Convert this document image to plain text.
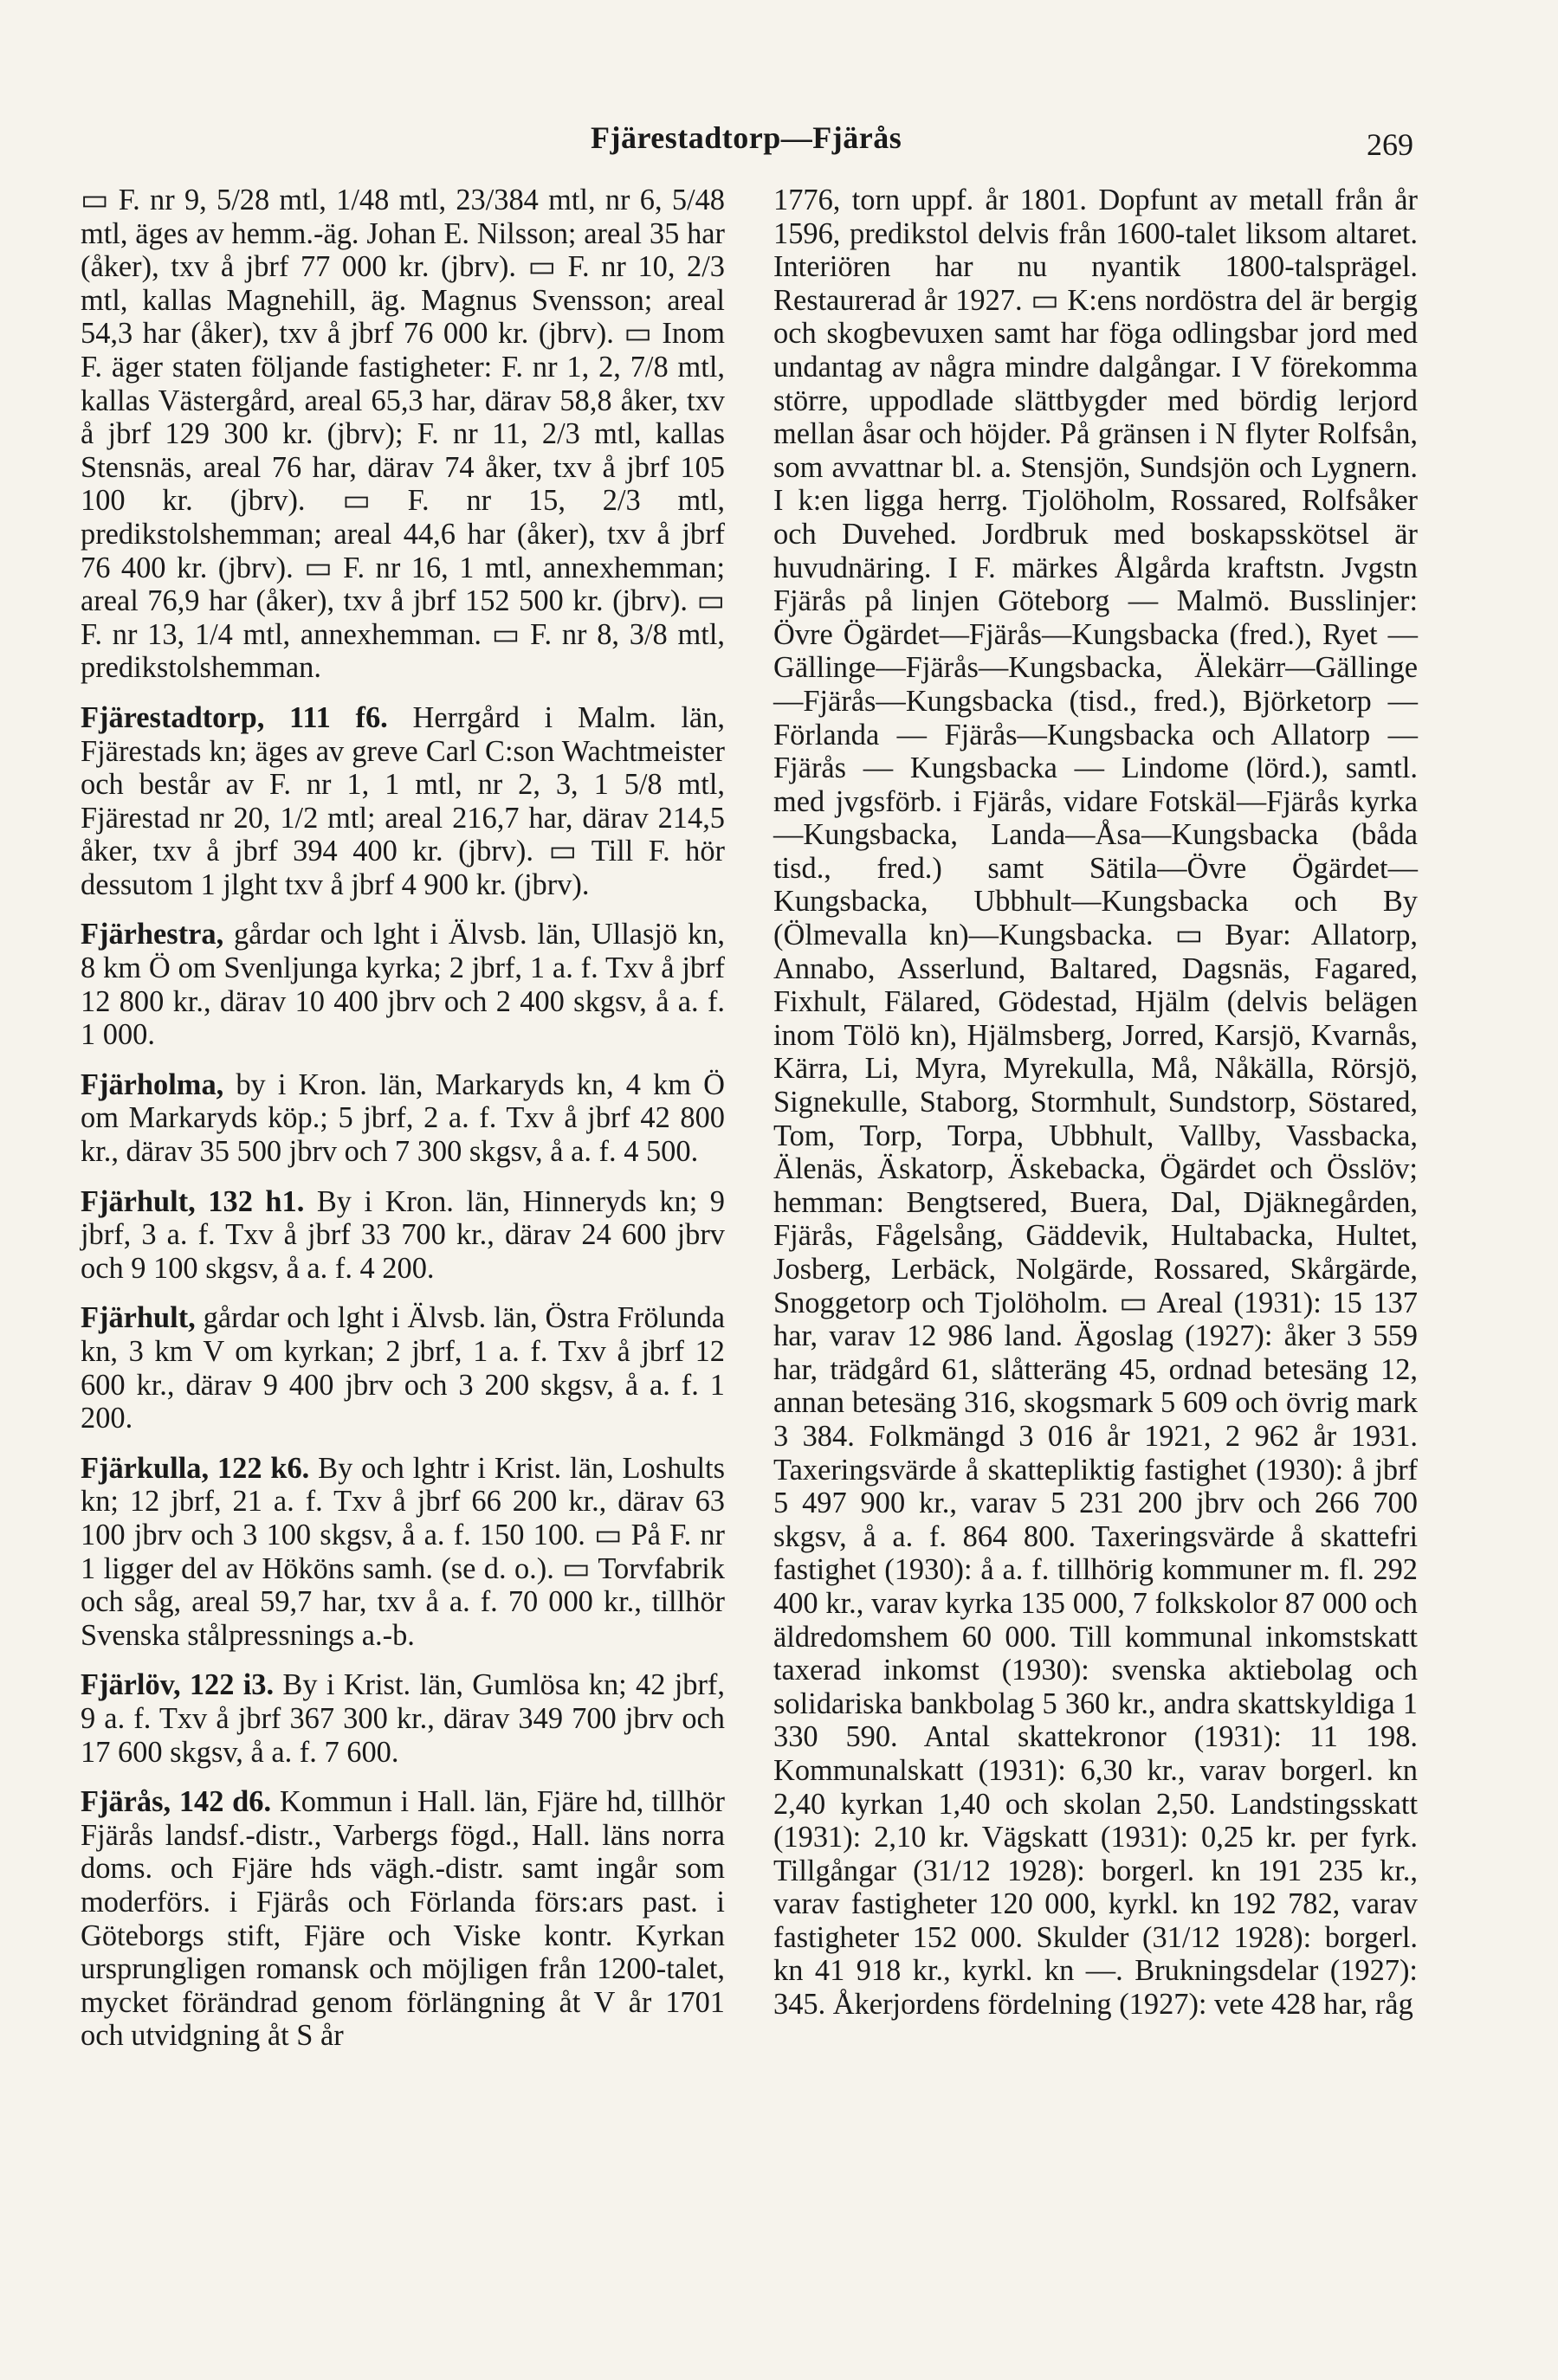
Fjärestadtorp—Fjärås	269

▭ F. nr 9, 5/28 mtl, 1/48 mtl, 23/384 mtl, nr 6, 5/48 mtl, äges av hemm.-äg. Johan E. Nilsson; areal 35 har (åker), txv å jbrf 77 000 kr. (jbrv). ▭ F. nr 10, 2/3 mtl, kallas Magnehill, äg. Magnus Svensson; areal 54,3 har (åker), txv å jbrf 76 000 kr. (jbrv). ▭ Inom F. äger staten följande fastigheter: F. nr 1, 2, 7/8 mtl, kallas Västergård, areal 65,3 har, därav 58,8 åker, txv å jbrf 129 300 kr. (jbrv); F. nr 11, 2/3 mtl, kallas Stensnäs, areal 76 har, därav 74 åker, txv å jbrf 105 100 kr. (jbrv). ▭ F. nr 15, 2/3 mtl, predikstolshemman; areal 44,6 har (åker), txv å jbrf 76 400 kr. (jbrv). ▭ F. nr 16, 1 mtl, annexhemman; areal 76,9 har (åker), txv å jbrf 152 500 kr. (jbrv). ▭ F. nr 13, 1/4 mtl, annexhemman. ▭ F. nr 8, 3/8 mtl, predikstolshemman.

Fjärestadtorp, 111 f6. Herrgård i Malm. län, Fjärestads kn; äges av greve Carl C:son Wachtmeister och består av F. nr 1, 1 mtl, nr 2, 3, 1 5/8 mtl, Fjärestad nr 20, 1/2 mtl; areal 216,7 har, därav 214,5 åker, txv å jbrf 394 400 kr. (jbrv). ▭ Till F. hör dessutom 1 jlght txv å jbrf 4 900 kr. (jbrv).

Fjärhestra, gårdar och lght i Älvsb. län, Ullasjö kn, 8 km Ö om Svenljunga kyrka; 2 jbrf, 1 a. f. Txv å jbrf 12 800 kr., därav 10 400 jbrv och 2 400 skgsv, å a. f. 1 000.

Fjärholma, by i Kron. län, Markaryds kn, 4 km Ö om Markaryds köp.; 5 jbrf, 2 a. f. Txv å jbrf 42 800 kr., därav 35 500 jbrv och 7 300 skgsv, å a. f. 4 500.

Fjärhult, 132 h1. By i Kron. län, Hinneryds kn; 9 jbrf, 3 a. f. Txv å jbrf 33 700 kr., därav 24 600 jbrv och 9 100 skgsv, å a. f. 4 200.

Fjärhult, gårdar och lght i Älvsb. län, Östra Frölunda kn, 3 km V om kyrkan; 2 jbrf, 1 a. f. Txv å jbrf 12 600 kr., därav 9 400 jbrv och 3 200 skgsv, å a. f. 1 200.

Fjärkulla, 122 k6. By och lghtr i Krist. län, Loshults kn; 12 jbrf, 21 a. f. Txv å jbrf 66 200 kr., därav 63 100 jbrv och 3 100 skgsv, å a. f. 150 100. ▭ På F. nr 1 ligger del av Hököns samh. (se d. o.). ▭ Torvfabrik och såg, areal 59,7 har, txv å a. f. 70 000 kr., tillhör Svenska stålpressnings a.-b.

Fjärlöv, 122 i3. By i Krist. län, Gumlösa kn; 42 jbrf, 9 a. f. Txv å jbrf 367 300 kr., därav 349 700 jbrv och 17 600 skgsv, å a. f. 7 600.

Fjärås, 142 d6. Kommun i Hall. län, Fjäre hd, tillhör Fjärås landsf.-distr., Varbergs fögd., Hall. läns norra doms. och Fjäre hds vägh.-distr. samt ingår som moderförs. i Fjärås och Förlanda förs:ars past. i Göteborgs stift, Fjäre och Viske kontr. Kyrkan ursprungligen romansk och möjligen från 1200-talet, mycket förändrad genom förlängning åt V år 1701 och utvidgning åt S år

1776, torn uppf. år 1801. Dopfunt av metall från år 1596, predikstol delvis från 1600-talet liksom altaret. Interiören har nu nyantik 1800-talsprägel. Restaurerad år 1927. ▭ K:ens nordöstra del är bergig och skogbevuxen samt har föga odlingsbar jord med undantag av några mindre dalgångar. I V förekomma större, uppodlade slättbygder med bördig lerjord mellan åsar och höjder. På gränsen i N flyter Rolfsån, som avvattnar bl. a. Stensjön, Sundsjön och Lygnern. I k:en ligga herrg. Tjolöholm, Rossared, Rolfsåker och Duvehed. Jordbruk med boskapsskötsel är huvudnäring. I F. märkes Ålgårda kraftstn. Jvgstn Fjärås på linjen Göteborg — Malmö. Busslinjer: Övre Ögärdet—Fjärås—Kungsbacka (fred.), Ryet —Gällinge—Fjärås—Kungsbacka, Älekärr—Gällinge—Fjärås—Kungsbacka (tisd., fred.), Björketorp — Förlanda — Fjärås—Kungsbacka och Allatorp — Fjärås — Kungsbacka — Lindome (lörd.), samtl. med jvgsförb. i Fjärås, vidare Fotskäl—Fjärås kyrka—Kungsbacka, Landa—Åsa—Kungsbacka (båda tisd., fred.) samt Sätila—Övre Ögärdet—Kungsbacka, Ubbhult—Kungsbacka och By (Ölmevalla kn)—Kungsbacka. ▭ Byar: Allatorp, Annabo, Asserlund, Baltared, Dagsnäs, Fagared, Fixhult, Fälared, Gödestad, Hjälm (delvis belägen inom Tölö kn), Hjälmsberg, Jorred, Karsjö, Kvarnås, Kärra, Li, Myra, Myrekulla, Må, Nåkälla, Rörsjö, Signekulle, Staborg, Stormhult, Sundstorp, Söstared, Tom, Torp, Torpa, Ubbhult, Vallby, Vassbacka, Älenäs, Äskatorp, Äskebacka, Ögärdet och Össlöv; hemman: Bengtsered, Buera, Dal, Djäknegården, Fjärås, Fågelsång, Gäddevik, Hultabacka, Hultet, Josberg, Lerbäck, Nolgärde, Rossared, Skårgärde, Snoggetorp och Tjolöholm. ▭ Areal (1931): 15 137 har, varav 12 986 land. Ägoslag (1927): åker 3 559 har, trädgård 61, slåtteräng 45, ordnad betesäng 12, annan betesäng 316, skogsmark 5 609 och övrig mark 3 384. Folkmängd 3 016 år 1921, 2 962 år 1931. Taxeringsvärde å skattepliktig fastighet (1930): å jbrf 5 497 900 kr., varav 5 231 200 jbrv och 266 700 skgsv, å a. f. 864 800. Taxeringsvärde å skattefri fastighet (1930): å a. f. tillhörig kommuner m. fl. 292 400 kr., varav kyrka 135 000, 7 folkskolor 87 000 och äldredomshem 60 000. Till kommunal inkomstskatt taxerad inkomst (1930): svenska aktiebolag och solidariska bankbolag 5 360 kr., andra skattskyldiga 1 330 590. Antal skattekronor (1931): 11 198. Kommunalskatt (1931): 6,30 kr., varav borgerl. kn 2,40 kyrkan 1,40 och skolan 2,50. Landstingsskatt (1931): 2,10 kr. Vägskatt (1931): 0,25 kr. per fyrk. Tillgångar (31/12 1928): borgerl. kn 191 235 kr., varav fastigheter 120 000, kyrkl. kn 192 782, varav fastigheter 152 000. Skulder (31/12 1928): borgerl. kn 41 918 kr., kyrkl. kn —. Brukningsdelar (1927): 345. Åkerjordens fördelning (1927): vete 428 har, råg
